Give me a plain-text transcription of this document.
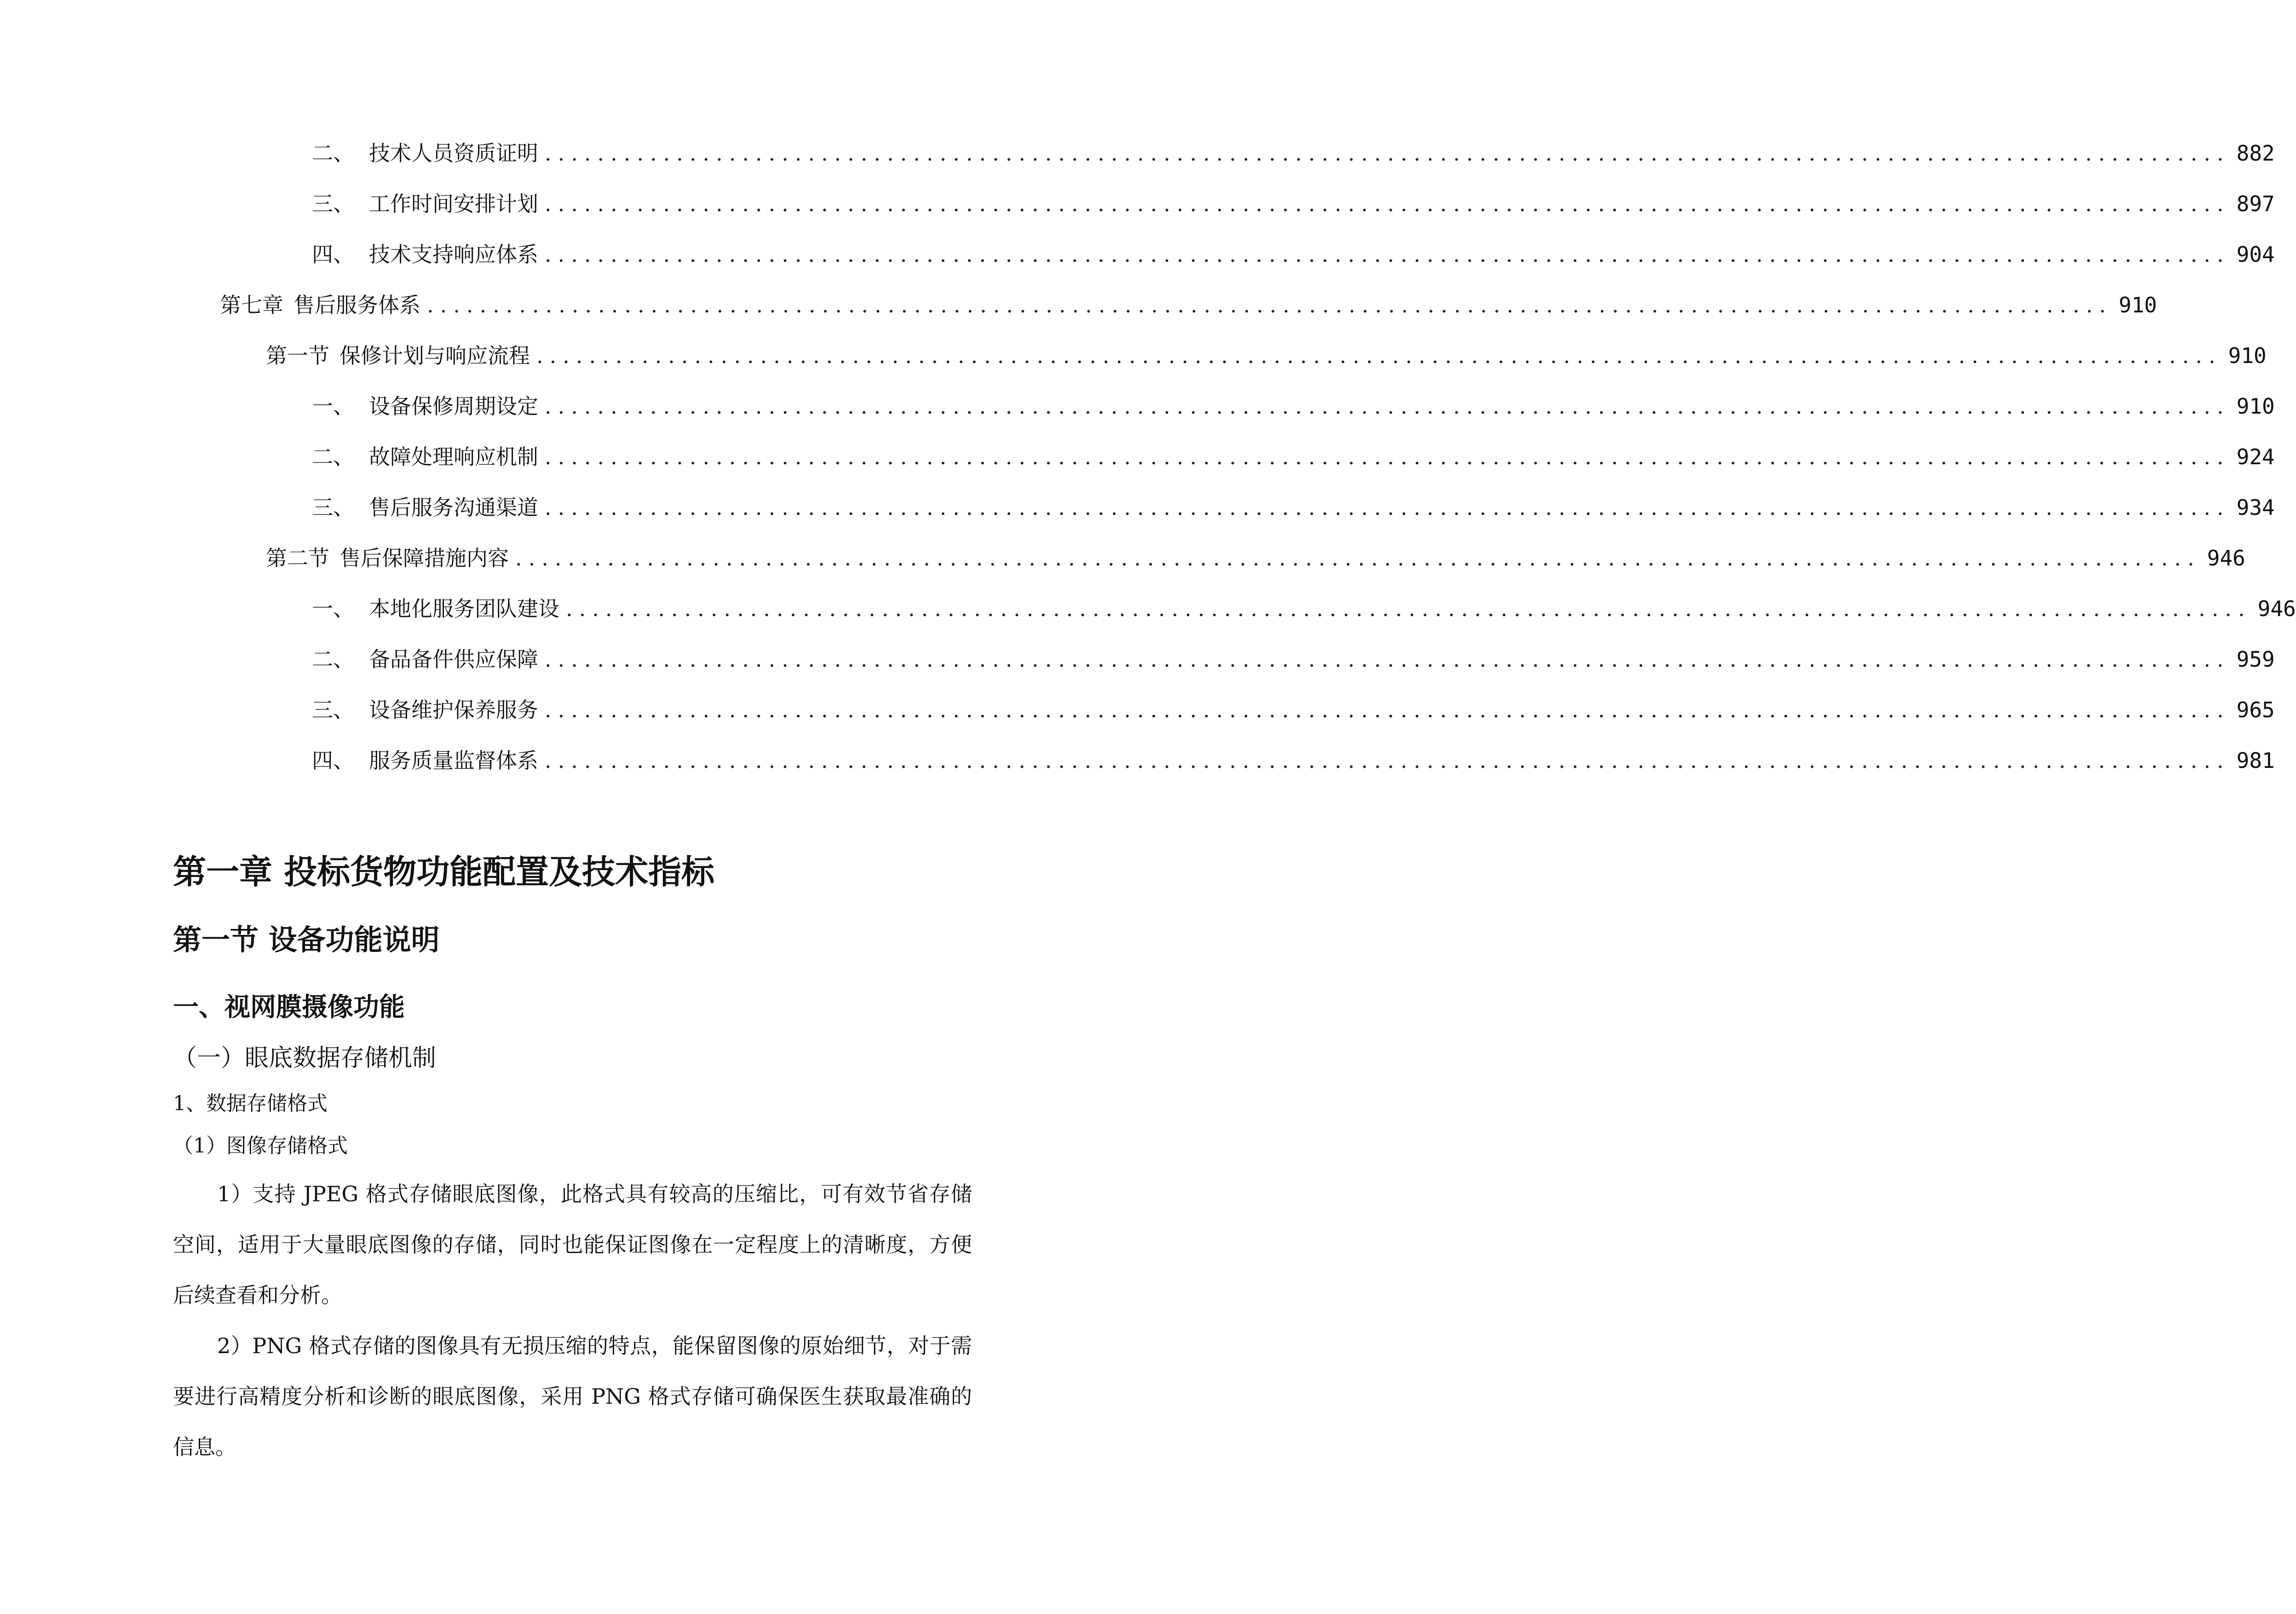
二、 技术人员资质证明 ................................................................................................................................ 882
三、 工作时间安排计划 ................................................................................................................................ 897
四、 技术支持响应体系 ................................................................................................................................ 904
第七章 售后服务体系 ................................................................................................................................ 910
第一节 保修计划与响应流程 ................................................................................................................................ 910
一、 设备保修周期设定 ................................................................................................................................ 910
二、 故障处理响应机制 ................................................................................................................................ 924
三、 售后服务沟通渠道 ................................................................................................................................ 934
第二节 售后保障措施内容 ................................................................................................................................ 946
一、 本地化服务团队建设 ................................................................................................................................ 946
二、 备品备件供应保障 ................................................................................................................................ 959
三、 设备维护保养服务 ................................................................................................................................ 965
四、 服务质量监督体系 ................................................................................................................................ 981
第一章 投标货物功能配置及技术指标
第一节 设备功能说明
一、视网膜摄像功能
（一）眼底数据存储机制
1、数据存储格式
（1）图像存储格式
1）支持 JPEG 格式存储眼底图像，此格式具有较高的压缩比，可有效节省存储空间，适用于大量眼底图像的存储，同时也能保证图像在一定程度上的清晰度，方便后续查看和分析。
2）PNG 格式存储的图像具有无损压缩的特点，能保留图像的原始细节，对于需要进行高精度分析和诊断的眼底图像，采用 PNG 格式存储可确保医生获取最准确的信息。
